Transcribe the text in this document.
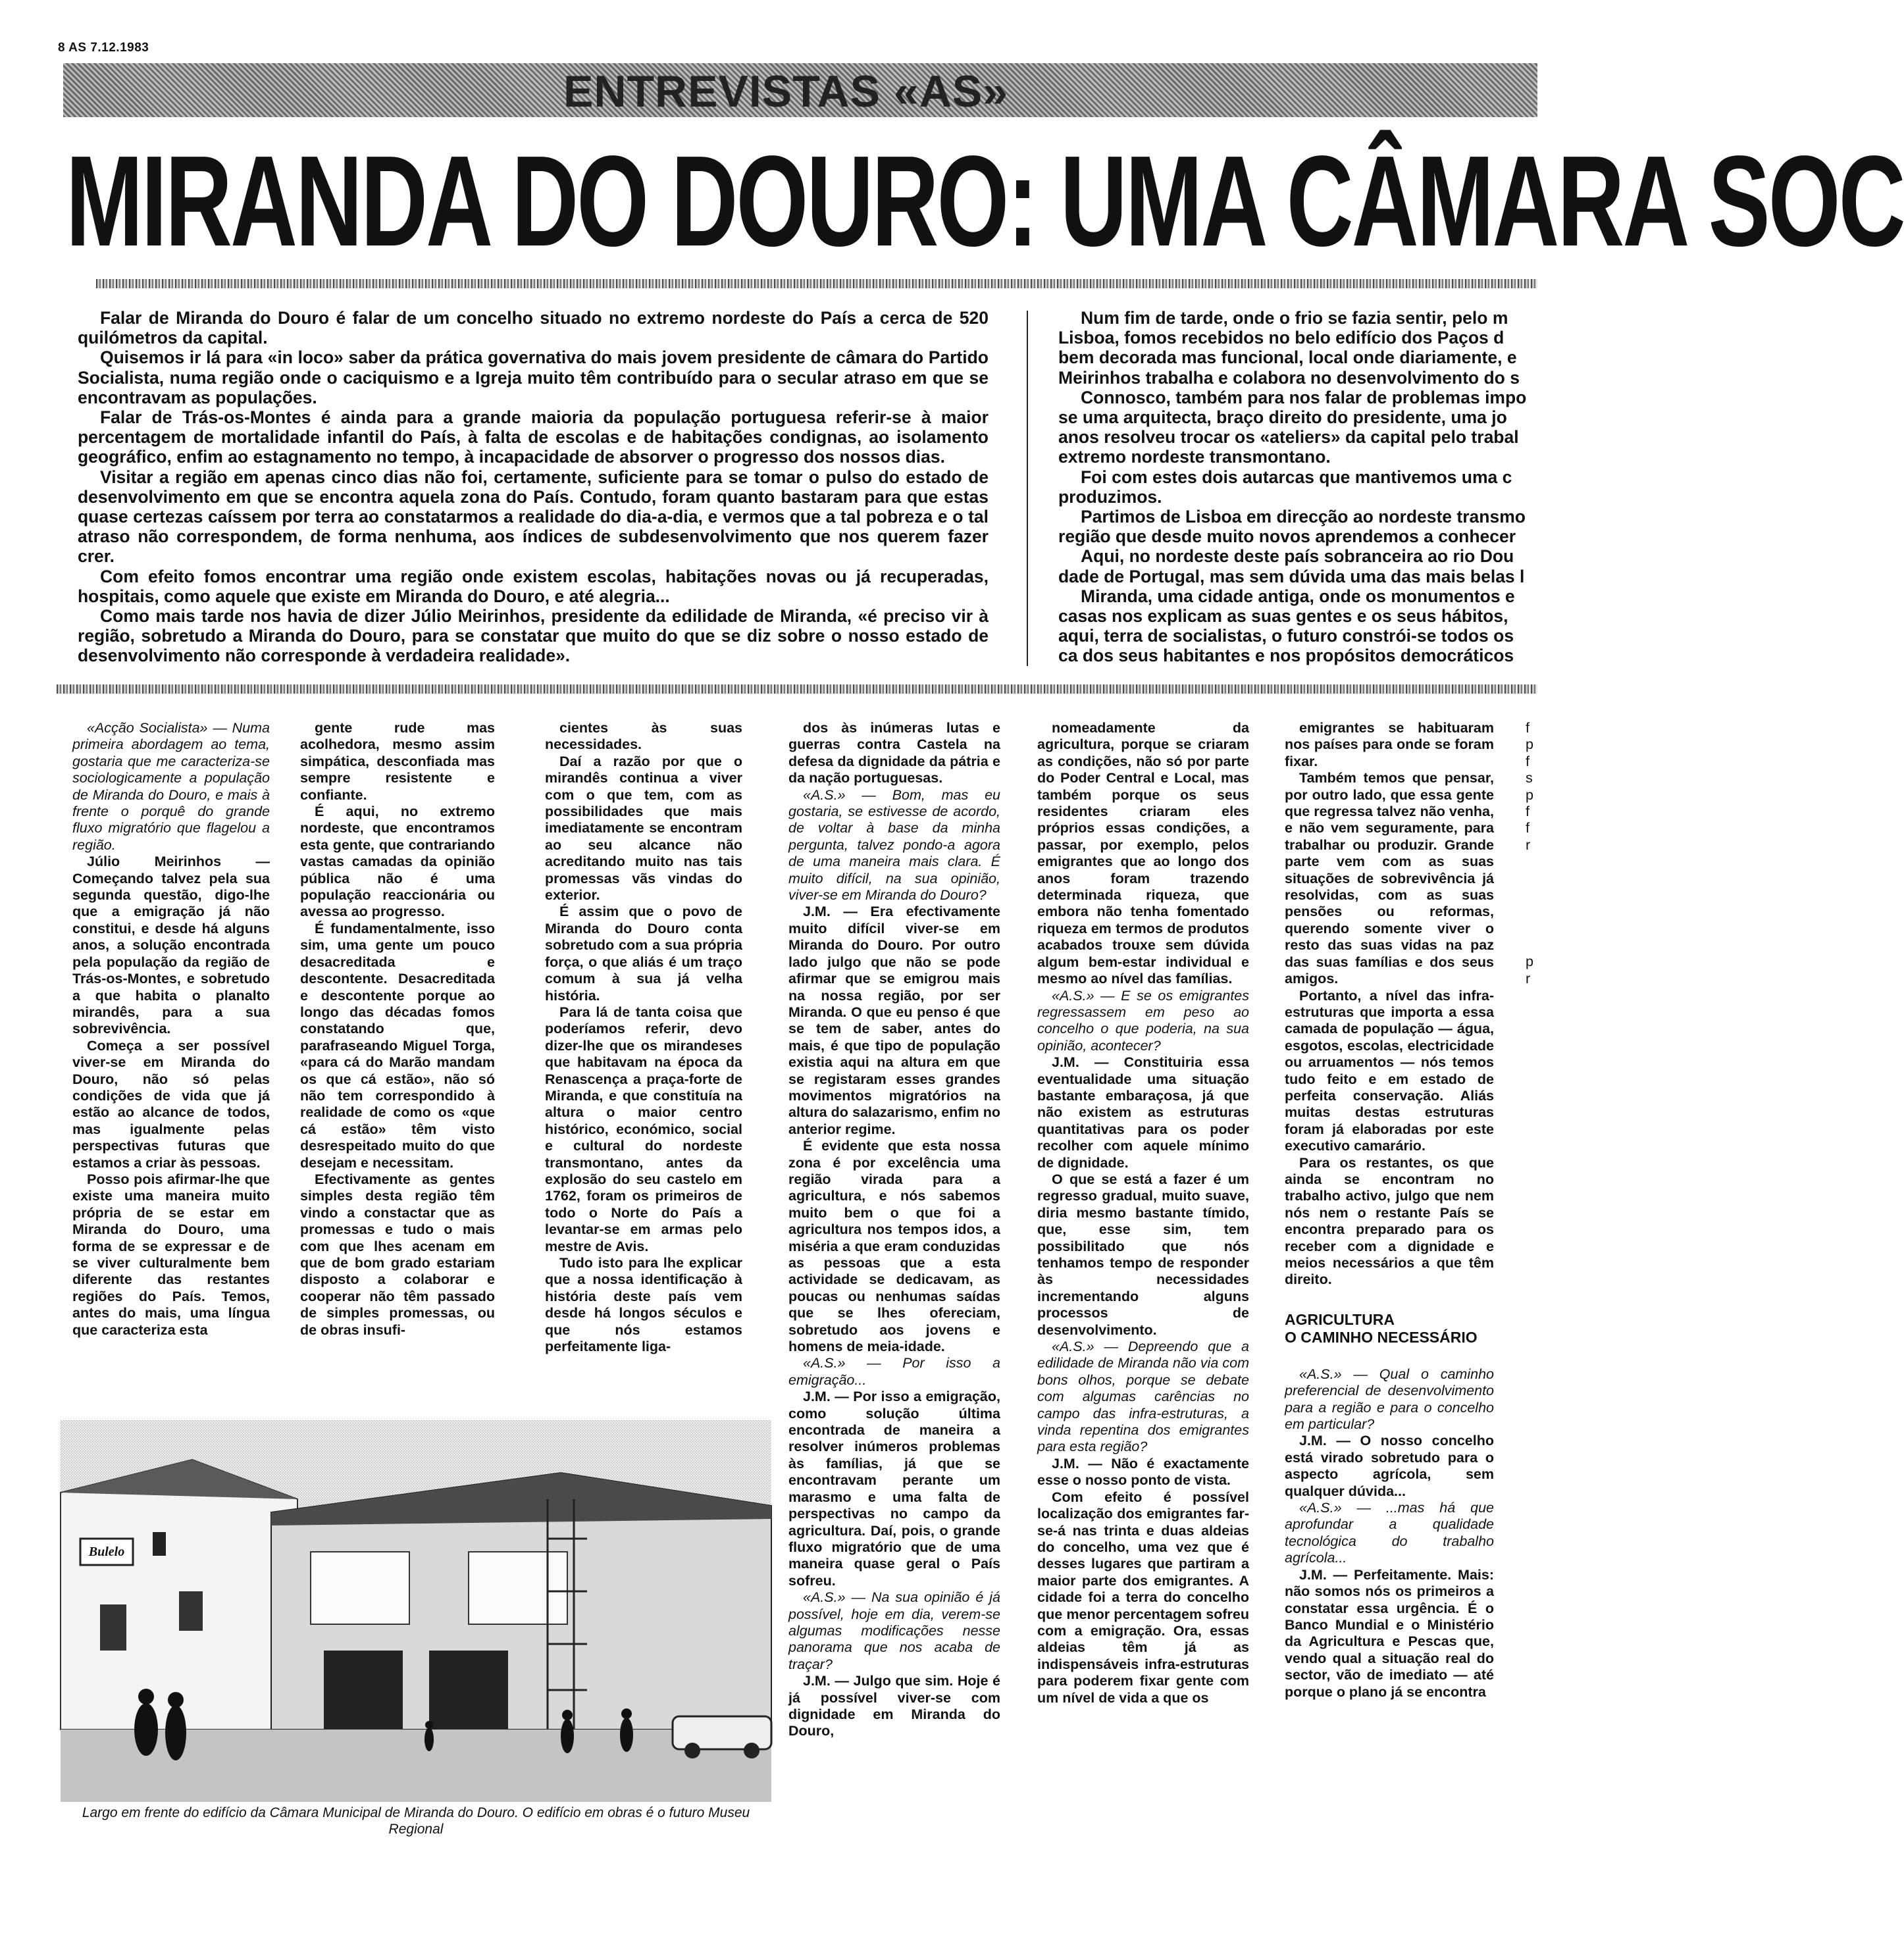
8 AS 7.12.1983
ENTREVISTAS «AS»
MIRANDA DO DOURO: UMA CÂMARA SOC

Falar de Miranda do Douro é falar de um concelho situado no extremo nordeste do País a cerca de 520 quilómetros da capital.

Quisemos ir lá para «in loco» saber da prática governativa do mais jovem presidente de câmara do Partido Socialista, numa região onde o caciquismo e a Igreja muito têm contribuído para o secular atraso em que se encontravam as populações.

Falar de Trás-os-Montes é ainda para a grande maioria da população portuguesa referir-se à maior percentagem de mortalidade infantil do País, à falta de escolas e de habitações condignas, ao isolamento geográfico, enfim ao estagnamento no tempo, à incapacidade de absorver o progresso dos nossos dias.

Visitar a região em apenas cinco dias não foi, certamente, suficiente para se tomar o pulso do estado de desenvolvimento em que se encontra aquela zona do País. Contudo, foram quanto bastaram para que estas quase certezas caíssem por terra ao constatarmos a realidade do dia-a-dia, e vermos que a tal pobreza e o tal atraso não correspondem, de forma nenhuma, aos índices de subdesenvolvimento que nos querem fazer crer.

Com efeito fomos encontrar uma região onde existem escolas, habitações novas ou já recuperadas, hospitais, como aquele que existe em Miranda do Douro, e até alegria...

Como mais tarde nos havia de dizer Júlio Meirinhos, presidente da edilidade de Miranda, «é preciso vir à região, sobretudo a Miranda do Douro, para se constatar que muito do que se diz sobre o nosso estado de desenvolvimento não corresponde à verdadeira realidade».

Num fim de tarde, onde o frio se fazia sentir, pelo m
Lisboa, fomos recebidos no belo edifício dos Paços d
bem decorada mas funcional, local onde diariamente, e
Meirinhos trabalha e colabora no desenvolvimento do s
Connosco, também para nos falar de problemas impo
se uma arquitecta, braço direito do presidente, uma jo
anos resolveu trocar os «ateliers» da capital pelo trabal
extremo nordeste transmontano.
Foi com estes dois autarcas que mantivemos uma c
produzimos.
Partimos de Lisboa em direcção ao nordeste transmo
região que desde muito novos aprendemos a conhecer
Aqui, no nordeste deste país sobranceira ao rio Dou
dade de Portugal, mas sem dúvida uma das mais belas l
Miranda, uma cidade antiga, onde os monumentos e
casas nos explicam as suas gentes e os seus hábitos,
aqui, terra de socialistas, o futuro constrói-se todos os
ca dos seus habitantes e nos propósitos democráticos

«Acção Socialista» — Numa primeira abordagem ao tema, gostaria que me caracteriza-se sociologicamente a população de Miranda do Douro, e mais à frente o porquê do grande fluxo migratório que flagelou a região.

Júlio Meirinhos — Começando talvez pela sua segunda questão, digo-lhe que a emigração já não constitui, e desde há alguns anos, a solução encontrada pela população da região de Trás-os-Montes, e sobretudo a que habita o planalto mirandês, para a sua sobrevivência.

Começa a ser possível viver-se em Miranda do Douro, não só pelas condições de vida que já estão ao alcance de todos, mas igualmente pelas perspectivas futuras que estamos a criar às pessoas.

Posso pois afirmar-lhe que existe uma maneira muito própria de se estar em Miranda do Douro, uma forma de se expressar e de se viver culturalmente bem diferente das restantes regiões do País. Temos, antes do mais, uma língua que caracteriza esta

gente rude mas acolhedora, mesmo assim simpática, desconfiada mas sempre resistente e confiante.

É aqui, no extremo nordeste, que encontramos esta gente, que contrariando vastas camadas da opinião pública não é uma população reaccionária ou avessa ao progresso.

É fundamentalmente, isso sim, uma gente um pouco desacreditada e descontente. Desacreditada e descontente porque ao longo das décadas fomos constatando que, parafraseando Miguel Torga, «para cá do Marão mandam os que cá estão», não só não tem correspondido à realidade de como os «que cá estão» têm visto desrespeitado muito do que desejam e necessitam.

Efectivamente as gentes simples desta região têm vindo a constactar que as promessas e tudo o mais com que lhes acenam em que de bom grado estariam disposto a colaborar e cooperar não têm passado de simples promessas, ou de obras insufi-

cientes às suas necessidades.

Daí a razão por que o mirandês continua a viver com o que tem, com as possibilidades que mais imediatamente se encontram ao seu alcance não acreditando muito nas tais promessas vãs vindas do exterior.

É assim que o povo de Miranda do Douro conta sobretudo com a sua própria força, o que aliás é um traço comum à sua já velha história.

Para lá de tanta coisa que poderíamos referir, devo dizer-lhe que os mirandeses que habitavam na época da Renascença a praça-forte de Miranda, e que constituía na altura o maior centro histórico, económico, social e cultural do nordeste transmontano, antes da explosão do seu castelo em 1762, foram os primeiros de todo o Norte do País a levantar-se em armas pelo mestre de Avis.

Tudo isto para lhe explicar que a nossa identificação à história deste país vem desde há longos séculos e que nós estamos perfeitamente liga-

dos às inúmeras lutas e guerras contra Castela na defesa da dignidade da pátria e da nação portuguesas.

«A.S.» — Bom, mas eu gostaria, se estivesse de acordo, de voltar à base da minha pergunta, talvez pondo-a agora de uma maneira mais clara. É muito difícil, na sua opinião, viver-se em Miranda do Douro?

J.M. — Era efectivamente muito difícil viver-se em Miranda do Douro. Por outro lado julgo que não se pode afirmar que se emigrou mais na nossa região, por ser Miranda. O que eu penso é que se tem de saber, antes do mais, é que tipo de população existia aqui na altura em que se registaram esses grandes movimentos migratórios na altura do salazarismo, enfim no anterior regime.

É evidente que esta nossa zona é por excelência uma região virada para a agricultura, e nós sabemos muito bem o que foi a agricultura nos tempos idos, a miséria a que eram conduzidas as pessoas que a esta actividade se dedicavam, as poucas ou nenhumas saídas que se lhes ofereciam, sobretudo aos jovens e homens de meia-idade.

«A.S.» — Por isso a emigração...

J.M. — Por isso a emigração, como solução última encontrada de maneira a resolver inúmeros problemas às famílias, já que se encontravam perante um marasmo e uma falta de perspectivas no campo da agricultura. Daí, pois, o grande fluxo migratório que de uma maneira quase geral o País sofreu.

«A.S.» — Na sua opinião é já possível, hoje em dia, verem-se algumas modificações nesse panorama que nos acaba de traçar?

J.M. — Julgo que sim. Hoje é já possível viver-se com dignidade em Miranda do Douro,

nomeadamente da agricultura, porque se criaram as condições, não só por parte do Poder Central e Local, mas também porque os seus residentes criaram eles próprios essas condições, a passar, por exemplo, pelos emigrantes que ao longo dos anos foram trazendo determinada riqueza, que embora não tenha fomentado riqueza em termos de produtos acabados trouxe sem dúvida algum bem-estar individual e mesmo ao nível das famílias.

«A.S.» — E se os emigrantes regressassem em peso ao concelho o que poderia, na sua opinião, acontecer?

J.M. — Constituiria essa eventualidade uma situação bastante embaraçosa, já que não existem as estruturas quantitativas para os poder recolher com aquele mínimo de dignidade.

O que se está a fazer é um regresso gradual, muito suave, diria mesmo bastante tímido, que, esse sim, tem possibilitado que nós tenhamos tempo de responder às necessidades incrementando alguns processos de desenvolvimento.

«A.S.» — Depreendo que a edilidade de Miranda não via com bons olhos, porque se debate com algumas carências no campo das infra-estruturas, a vinda repentina dos emigrantes para esta região?

J.M. — Não é exactamente esse o nosso ponto de vista.

Com efeito é possível localização dos emigrantes far-se-á nas trinta e duas aldeias do concelho, uma vez que é desses lugares que partiram a maior parte dos emigrantes. A cidade foi a terra do concelho que menor percentagem sofreu com a emigração. Ora, essas aldeias têm já as indispensáveis infra-estruturas para poderem fixar gente com um nível de vida a que os

emigrantes se habituaram nos países para onde se foram fixar.

Também temos que pensar, por outro lado, que essa gente que regressa talvez não venha, e não vem seguramente, para trabalhar ou produzir. Grande parte vem com as suas situações de sobrevivência já resolvidas, com as suas pensões ou reformas, querendo somente viver o resto das suas vidas na paz das suas famílias e dos seus amigos.

Portanto, a nível das infra-estruturas que importa a essa camada de população — água, esgotos, escolas, electricidade ou arruamentos — nós temos tudo feito e em estado de perfeita conservação. Aliás muitas destas estruturas foram já elaboradas por este executivo camarário.

Para os restantes, os que ainda se encontram no trabalho activo, julgo que nem nós nem o restante País se encontra preparado para os receber com a dignidade e meios necessários a que têm direito.

AGRICULTURA
O CAMINHO NECESSÁRIO

«A.S.» — Qual o caminho preferencial de desenvolvimento para a região e para o concelho em particular?

J.M. — O nosso concelho está virado sobretudo para o aspecto agrícola, sem qualquer dúvida...

«A.S.» — ...mas há que aprofundar a qualidade tecnológica do trabalho agrícola...

J.M. — Perfeitamente. Mais: não somos nós os primeiros a constatar essa urgência. É o Banco Mundial e o Ministério da Agricultura e Pescas que, vendo qual a situação real do sector, vão de imediato — até porque o plano já se encontra

f
p
f
s
p
f
f
r
p
r
Bulelo
Largo em frente do edifício da Câmara Municipal de Miranda do Douro. O edifício em obras é o futuro Museu Regional
